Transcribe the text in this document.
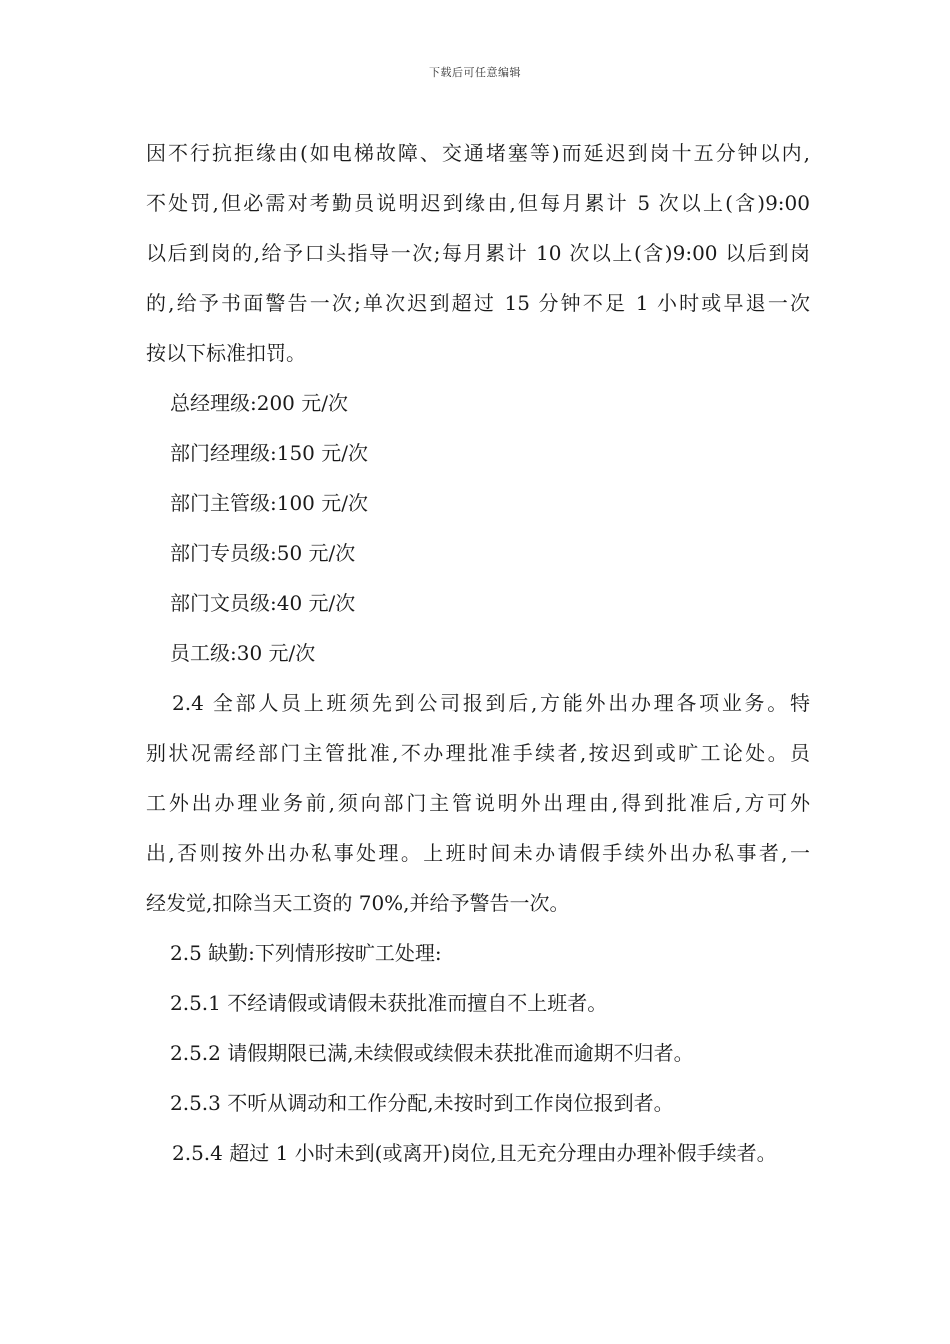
下载后可任意编辑
因不行抗拒缘由(如电梯故障、交通堵塞等)而延迟到岗十五分钟以内,
不处罚,但必需对考勤员说明迟到缘由,但每月累计 5 次以上(含)9:00
以后到岗的,给予口头指导一次;每月累计 10 次以上(含)9:00 以后到岗
的,给予书面警告一次;单次迟到超过 15 分钟不足 1 小时或早退一次
按以下标准扣罚。
总经理级:200 元/次
部门经理级:150 元/次
部门主管级:100 元/次
部门专员级:50 元/次
部门文员级:40 元/次
员工级:30 元/次
2.4 全部人员上班须先到公司报到后,方能外出办理各项业务。特
别状况需经部门主管批准,不办理批准手续者,按迟到或旷工论处。员
工外出办理业务前,须向部门主管说明外出理由,得到批准后,方可外
出,否则按外出办私事处理。上班时间未办请假手续外出办私事者,一
经发觉,扣除当天工资的 70%,并给予警告一次。
2.5 缺勤:下列情形按旷工处理:
2.5.1 不经请假或请假未获批准而擅自不上班者。
2.5.2 请假期限已满,未续假或续假未获批准而逾期不归者。
2.5.3 不听从调动和工作分配,未按时到工作岗位报到者。
2.5.4 超过 1 小时未到(或离开)岗位,且无充分理由办理补假手续者。
